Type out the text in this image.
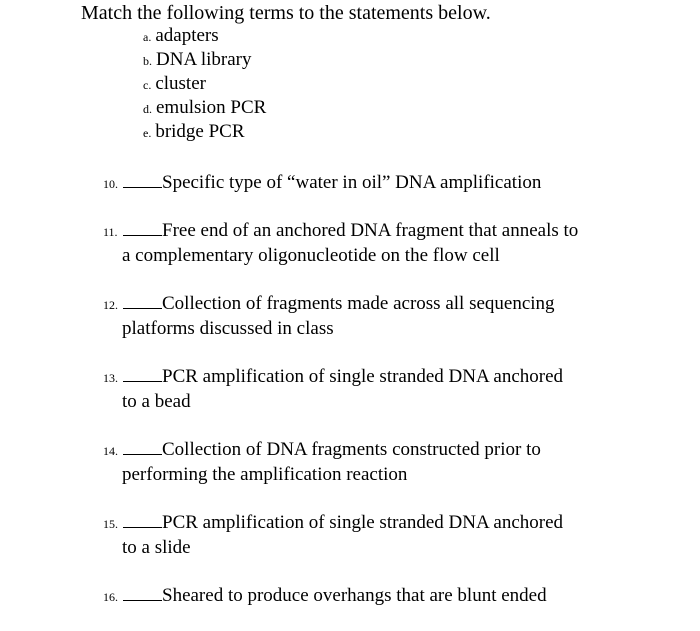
Match the following terms to the statements below.
a. adapters
b. DNA library
c. cluster
d. emulsion PCR
e. bridge PCR
10. Specific type of “water in oil” DNA amplification
11. Free end of an anchored DNA fragment that anneals to
a complementary oligonucleotide on the flow cell
12. Collection of fragments made across all sequencing
platforms discussed in class
13. PCR amplification of single stranded DNA anchored
to a bead
14. Collection of DNA fragments constructed prior to
performing the amplification reaction
15. PCR amplification of single stranded DNA anchored
to a slide
16. Sheared to produce overhangs that are blunt ended
